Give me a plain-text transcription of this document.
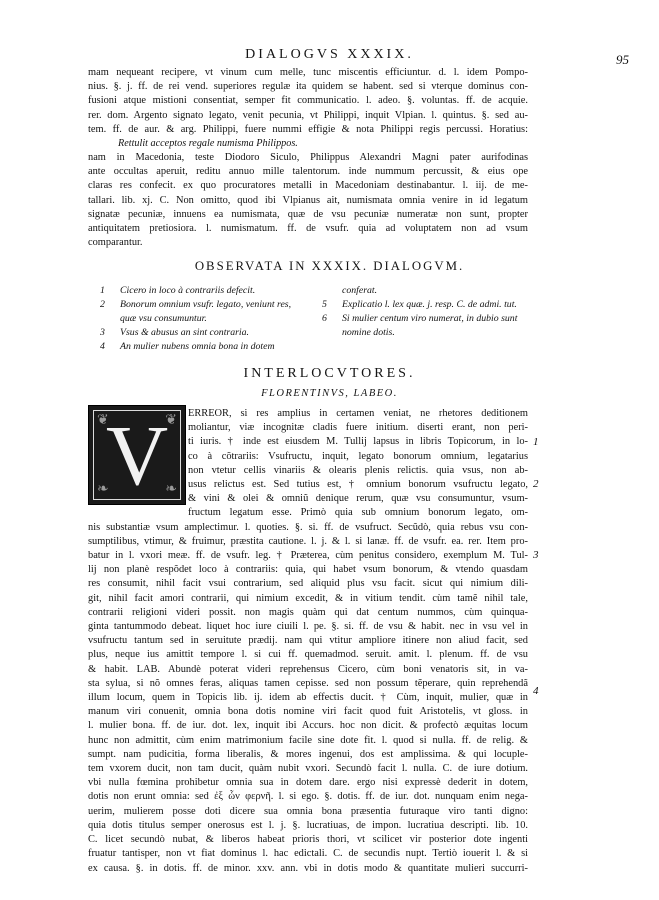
DIALOGVS XXXIX.	95
mam nequeant recipere, vt vinum cum melle, tunc miscentis efficiuntur. d. l. idem Pompo-
nius. §. j. ff. de rei vend. superiores regulæ ita quidem se habent. sed si vterque dominus con-
fusioni atque mistioni consentiat, semper fit communicatio. l. adeo. §. voluntas. ff. de acquie.
rer. dom. Argento signato legato, venit pecunia, vt Philippi, inquit Vlpian. l. quintus. §. sed au-
tem. ff. de aur. & arg. Philippi, fuere nummi effigie & nota Philippi regis percussi. Horatius:
Rettulit acceptos regale numisma Philippos.
nam in Macedonia, teste Diodoro Siculo, Philippus Alexandri Magni pater aurifodinas
ante occultas aperuit, reditu annuo mille talentorum. inde nummum percussit, & eius ope
claras res confecit. ex quo procuratores metalli in Macedoniam destinabantur. l. iij. de me-
tallari. lib. xj. C. Non omitto, quod ibi Vlpianus ait, numismata omnia venire in id legatum
signatæ pecuniæ, innuens ea numismata, quæ de vsu pecuniæ numeratæ non sunt, propter
antiquitatem pretiosiora. l. numismatum. ff. de vsufr. quia ad voluptatem non ad vsum
comparantur.
OBSERVATA IN XXXIX. DIALOGVM.
1	Cicero in loco à contrariis defecit.
2	Bonorum omnium vsufr. legato, veniunt res,
quæ vsu consumuntur.
3	Vsus & abusus an sint contraria.
4	An mulier nubens omnia bona in dotem
conferat.
5	Explicatio l. lex quæ. j. resp. C. de admi. tut.
6	Si mulier centum viro numerat, in dubio sunt
nomine dotis.
INTERLOCVTORES.
FLORENTINVS, LABEO.
❦	❦
❧	❧
V	ERREOR, si res amplius in certamen veniat, ne rhetores deditionem
moliantur, viæ incognitæ cladis fuere initium. diserti erant, non peri-
ti iuris. † inde est eiusdem M. Tullij lapsus in libris Topicorum, in lo-
co à cõtrariis: Vsufructu, inquit, legato bonorum omnium, legatarius
non vtetur cellis vinariis & olearis plenis relictis. quia vsus, non ab-
usus relictus est. Sed tutius est, † omnium bonorum vsufructu legato,
& vini & olei & omniũ denique rerum, quæ vsu consumuntur, vsum-
fructum legatum esse. Primò quia sub omnium bonorum legato, om-
nis substantiæ vsum amplectimur. l. quoties. §. si. ff. de vsufruct. Secũdò, quia rebus vsu con-
sumptilibus, vtimur, & fruimur, præstita cautione. l. j. & l. si lanæ. ff. de vsufr. ea. rer. Item pro-
batur in l. vxori meæ. ff. de vsufr. leg. † Præterea, cùm penitus considero, exemplum M. Tul-
lij non planè respõdet loco à contrariis: quia, qui habet vsum bonorum, & vtendo quasdam
res consumit, nihil facit vsui contrarium, sed aliquid plus vsu facit. sicut qui nimium dili-
git, nihil facit amori contrarii, qui nimium excedit, & in vitium tendit. cùm tamẽ nihil tale,
contrarii religioni videri possit. non magis quàm qui dat centum nummos, cùm quinqua-
ginta tantummodo debeat. liquet hoc iure ciuili l. pe. §. si. ff. de vsu & habit. nec in vsu vel in
vsufructu tantum sed in seruitute prædij. nam qui vtitur ampliore itinere non aliud facit, sed
plus, neque ius amittit tempore l. si cui ff. quemadmod. seruit. amit. l. plenum. ff. de vsu
& habit. LAB. Abundè poterat videri reprehensus Cicero, cùm boni venatoris sit, in va-
sta sylua, si nõ omnes feras, aliquas tamen cepisse. sed non possum tẽperare, quin reprehendã
illum locum, quem in Topicis lib. ij. idem ab effectis ducit. † Cùm, inquit, mulier, quæ in
manum viri conuenit, omnia bona dotis nomine viri facit quod fuit Aristotelis, vt gloss. in
l. mulier bona. ff. de iur. dot. lex, inquit ibi Accurs. hoc non dicit. & profectò æquitas locum
hunc non admittit, cùm enim matrimonium facile sine dote fit. l. quod si nulla. ff. de relig. &
sumpt. nam pudicitia, forma liberalis, & mores ingenui, dos est amplissima. & qui locuple-
tem vxorem ducit, non tam ducit, quàm nubit vxori. Secundò facit l. nulla. C. de iure dotium.
vbi nulla fœmina prohibetur omnia sua in dotem dare. ergo nisi expressè dederit in dotem,
dotis non erunt omnia: sed ἐξ ὧν φερνῆ. l. si ego. §. dotis. ff. de iur. dot. nunquam enim nega-
uerim, mulierem posse doti dicere sua omnia bona præsentia futuraque viro tanti digno:
quia dotis titulus semper onerosus est l. j. §. lucratiuas, de impon. lucratiua descripti. lib. 10.
C. licet secundò nubat, & liberos habeat prioris thori, vt scilicet vir posterior dote ingenti
fruatur tantisper, non vt fiat dominus l. hac edictali. C. de secundis nupt. Tertiò iouerit l. & si
ex causa. §. in dotis. ff. de minor. xxv. ann. vbi in dotis modo & quantitate mulieri succurri-
1
2
3
4
